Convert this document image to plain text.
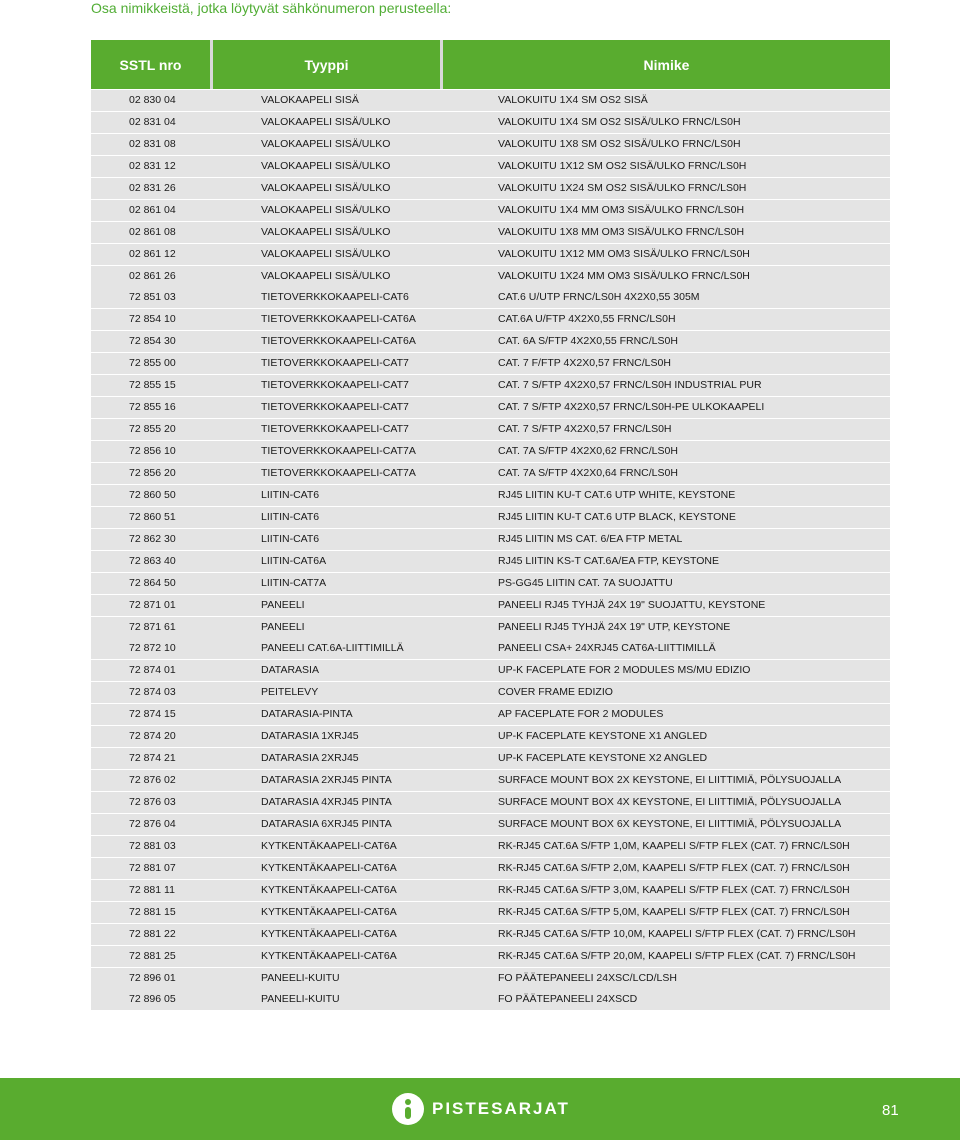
Osa nimikkeistä, jotka löytyvät sähkönumeron perusteella:
SSTL nro	Tyyppi	Nimike
02 830 04	VALOKAAPELI SISÄ	VALOKUITU 1X4 SM OS2 SISÄ
02 831 04	VALOKAAPELI SISÄ/ULKO	VALOKUITU 1X4 SM OS2 SISÄ/ULKO FRNC/LS0H
02 831 08	VALOKAAPELI SISÄ/ULKO	VALOKUITU 1X8 SM OS2 SISÄ/ULKO FRNC/LS0H
02 831 12	VALOKAAPELI SISÄ/ULKO	VALOKUITU 1X12 SM OS2 SISÄ/ULKO FRNC/LS0H
02 831 26	VALOKAAPELI SISÄ/ULKO	VALOKUITU 1X24 SM OS2 SISÄ/ULKO FRNC/LS0H
02 861 04	VALOKAAPELI SISÄ/ULKO	VALOKUITU 1X4 MM OM3 SISÄ/ULKO FRNC/LS0H
02 861 08	VALOKAAPELI SISÄ/ULKO	VALOKUITU 1X8 MM OM3 SISÄ/ULKO FRNC/LS0H
02 861 12	VALOKAAPELI SISÄ/ULKO	VALOKUITU 1X12 MM OM3 SISÄ/ULKO FRNC/LS0H
02 861 26	VALOKAAPELI SISÄ/ULKO	VALOKUITU 1X24 MM OM3 SISÄ/ULKO FRNC/LS0H
72 851 03	TIETOVERKKOKAAPELI-CAT6	CAT.6 U/UTP FRNC/LS0H 4X2X0,55 305M
72 854 10	TIETOVERKKOKAAPELI-CAT6A	CAT.6A U/FTP 4X2X0,55 FRNC/LS0H
72 854 30	TIETOVERKKOKAAPELI-CAT6A	CAT. 6A S/FTP 4X2X0,55 FRNC/LS0H
72 855 00	TIETOVERKKOKAAPELI-CAT7	CAT. 7 F/FTP 4X2X0,57 FRNC/LS0H
72 855 15	TIETOVERKKOKAAPELI-CAT7	CAT. 7 S/FTP 4X2X0,57 FRNC/LS0H INDUSTRIAL PUR
72 855 16	TIETOVERKKOKAAPELI-CAT7	CAT. 7 S/FTP 4X2X0,57 FRNC/LS0H-PE ULKOKAAPELI
72 855 20	TIETOVERKKOKAAPELI-CAT7	CAT. 7 S/FTP 4X2X0,57 FRNC/LS0H
72 856 10	TIETOVERKKOKAAPELI-CAT7A	CAT. 7A S/FTP 4X2X0,62 FRNC/LS0H
72 856 20	TIETOVERKKOKAAPELI-CAT7A	CAT. 7A S/FTP 4X2X0,64 FRNC/LS0H
72 860 50	LIITIN-CAT6	RJ45 LIITIN KU-T CAT.6 UTP WHITE, KEYSTONE
72 860 51	LIITIN-CAT6	RJ45 LIITIN KU-T CAT.6 UTP BLACK, KEYSTONE
72 862 30	LIITIN-CAT6	RJ45 LIITIN MS CAT. 6/EA FTP METAL
72 863 40	LIITIN-CAT6A	RJ45 LIITIN KS-T CAT.6A/EA FTP, KEYSTONE
72 864 50	LIITIN-CAT7A	PS-GG45 LIITIN CAT. 7A SUOJATTU
72 871 01	PANEELI	PANEELI RJ45 TYHJÄ 24X 19" SUOJATTU, KEYSTONE
72 871 61	PANEELI	PANEELI RJ45 TYHJÄ 24X 19" UTP, KEYSTONE
72 872 10	PANEELI CAT.6A-LIITTIMILLÄ	PANEELI CSA+ 24XRJ45 CAT6A-LIITTIMILLÄ
72 874 01	DATARASIA	UP-K FACEPLATE FOR 2 MODULES MS/MU EDIZIO
72 874 03	PEITELEVY	COVER FRAME EDIZIO
72 874 15	DATARASIA-PINTA	AP FACEPLATE FOR 2 MODULES
72 874 20	DATARASIA 1XRJ45	UP-K FACEPLATE KEYSTONE X1 ANGLED
72 874 21	DATARASIA 2XRJ45	UP-K FACEPLATE KEYSTONE X2 ANGLED
72 876 02	DATARASIA 2XRJ45 PINTA	SURFACE MOUNT BOX 2X KEYSTONE, EI LIITTIMIÄ, PÖLYSUOJALLA
72 876 03	DATARASIA 4XRJ45 PINTA	SURFACE MOUNT BOX 4X KEYSTONE, EI LIITTIMIÄ, PÖLYSUOJALLA
72 876 04	DATARASIA 6XRJ45 PINTA	SURFACE MOUNT BOX 6X KEYSTONE, EI LIITTIMIÄ, PÖLYSUOJALLA
72 881 03	KYTKENTÄKAAPELI-CAT6A	RK-RJ45 CAT.6A S/FTP 1,0M, KAAPELI S/FTP FLEX (CAT. 7) FRNC/LS0H
72 881 07	KYTKENTÄKAAPELI-CAT6A	RK-RJ45 CAT.6A S/FTP 2,0M, KAAPELI S/FTP FLEX (CAT. 7) FRNC/LS0H
72 881 11	KYTKENTÄKAAPELI-CAT6A	RK-RJ45 CAT.6A S/FTP 3,0M, KAAPELI S/FTP FLEX (CAT. 7) FRNC/LS0H
72 881 15	KYTKENTÄKAAPELI-CAT6A	RK-RJ45 CAT.6A S/FTP 5,0M, KAAPELI S/FTP FLEX (CAT. 7) FRNC/LS0H
72 881 22	KYTKENTÄKAAPELI-CAT6A	RK-RJ45 CAT.6A S/FTP 10,0M, KAAPELI S/FTP FLEX (CAT. 7) FRNC/LS0H
72 881 25	KYTKENTÄKAAPELI-CAT6A	RK-RJ45 CAT.6A S/FTP 20,0M, KAAPELI S/FTP FLEX (CAT. 7) FRNC/LS0H
72 896 01	PANEELI-KUITU	FO PÄÄTEPANEELI 24XSC/LCD/LSH
72 896 05	PANEELI-KUITU	FO PÄÄTEPANEELI 24XSCD
PISTESARJAT	81
